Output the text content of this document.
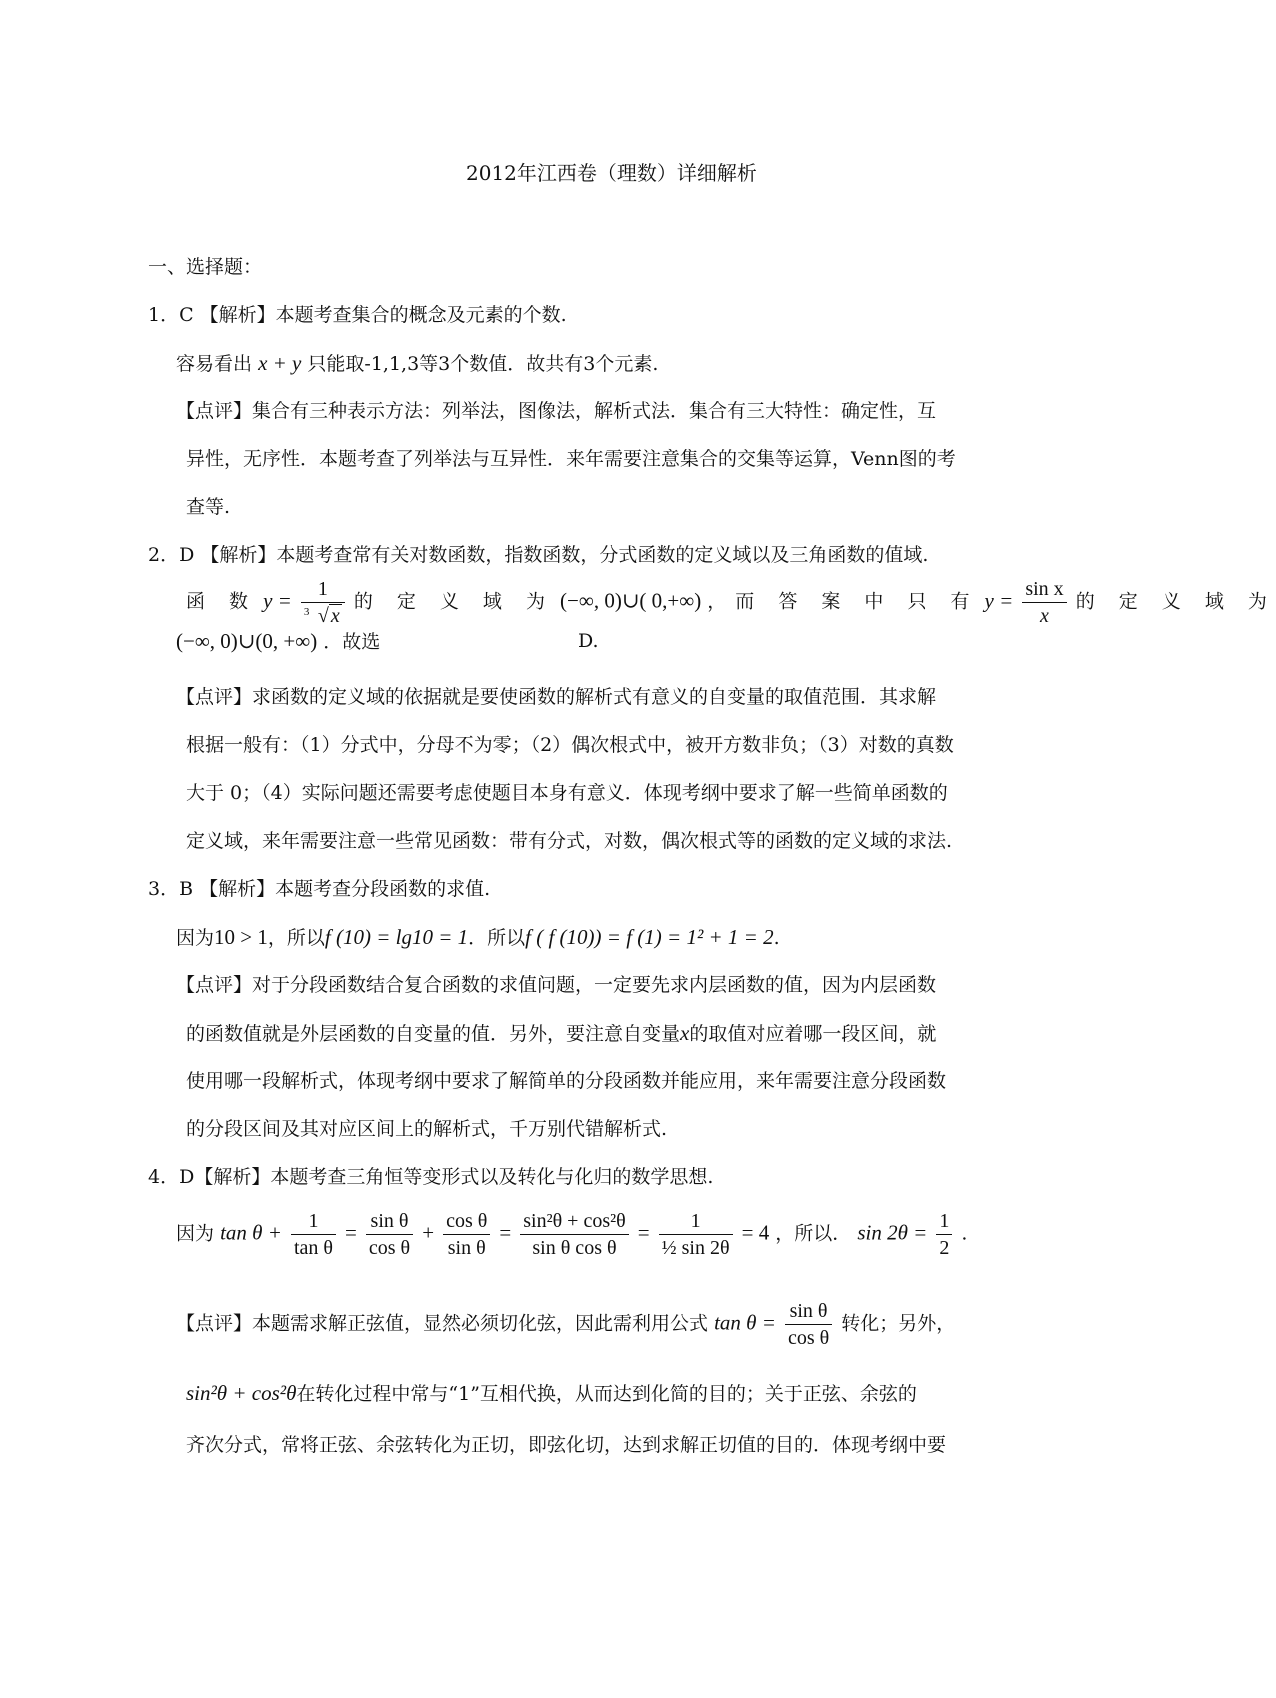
2012年江西卷（理数）详细解析
一、选择题：
1．C 【解析】本题考查集合的概念及元素的个数.
容易看出 x + y 只能取-1,1,3等3个数值．故共有3个元素.
【点评】集合有三种表示方法：列举法，图像法，解析式法．集合有三大特性：确定性，互
异性，无序性．本题考查了列举法与互异性．来年需要注意集合的交集等运算，Venn图的考
查等.
2．D 【解析】本题考查常有关对数函数，指数函数，分式函数的定义域以及三角函数的值域.
函 数 $y = \frac{1}{3 √ x}$ 的 定 义 域 为 (−∞, 0)∪( 0,+∞) ，而 答 案 中 只 有 $y = \frac{\text{sin x}}{x}$ 的 定 义 域 为
(−∞, 0)∪(0, +∞) ．故选	D.
【点评】求函数的定义域的依据就是要使函数的解析式有意义的自变量的取值范围．其求解
根据一般有：（1）分式中，分母不为零；（2）偶次根式中，被开方数非负；（3）对数的真数
大于 0；（4）实际问题还需要考虑使题目本身有意义．体现考纲中要求了解一些简单函数的
定义域，来年需要注意一些常见函数：带有分式，对数，偶次根式等的函数的定义域的求法.
3．B 【解析】本题考查分段函数的求值.
因为10 > 1，所以f (10) = lg10 = 1．所以f ( f (10)) = f (1) = 1² + 1 = 2.
【点评】对于分段函数结合复合函数的求值问题，一定要先求内层函数的值，因为内层函数
的函数值就是外层函数的自变量的值．另外，要注意自变量x的取值对应着哪一段区间，就
使用哪一段解析式，体现考纲中要求了解简单的分段函数并能应用，来年需要注意分段函数
的分段区间及其对应区间上的解析式，千万别代错解析式.
4．D【解析】本题考查三角恒等变形式以及转化与化归的数学思想.
因为 $\tan \theta + \frac{1}{\text{tan θ}} = \frac{\text{sin θ}}{\text{cos θ}} + \frac{\text{cos θ}}{\text{sin θ}} = \frac{\text{sin²θ + cos²θ}}{\text{sin θ cos θ}} = \frac{1}{\text{½ sin 2θ}} = 4$ ，所以． $\sin 2\theta = \frac{1}{2}$ .
【点评】本题需求解正弦值，显然必须切化弦，因此需利用公式 $\tan \theta = \frac{\text{sin θ}}{\text{cos θ}}$ 转化；另外，
sin²θ + cos²θ在转化过程中常与“1”互相代换，从而达到化简的目的；关于正弦、余弦的
齐次分式，常将正弦、余弦转化为正切，即弦化切，达到求解正切值的目的．体现考纲中要
